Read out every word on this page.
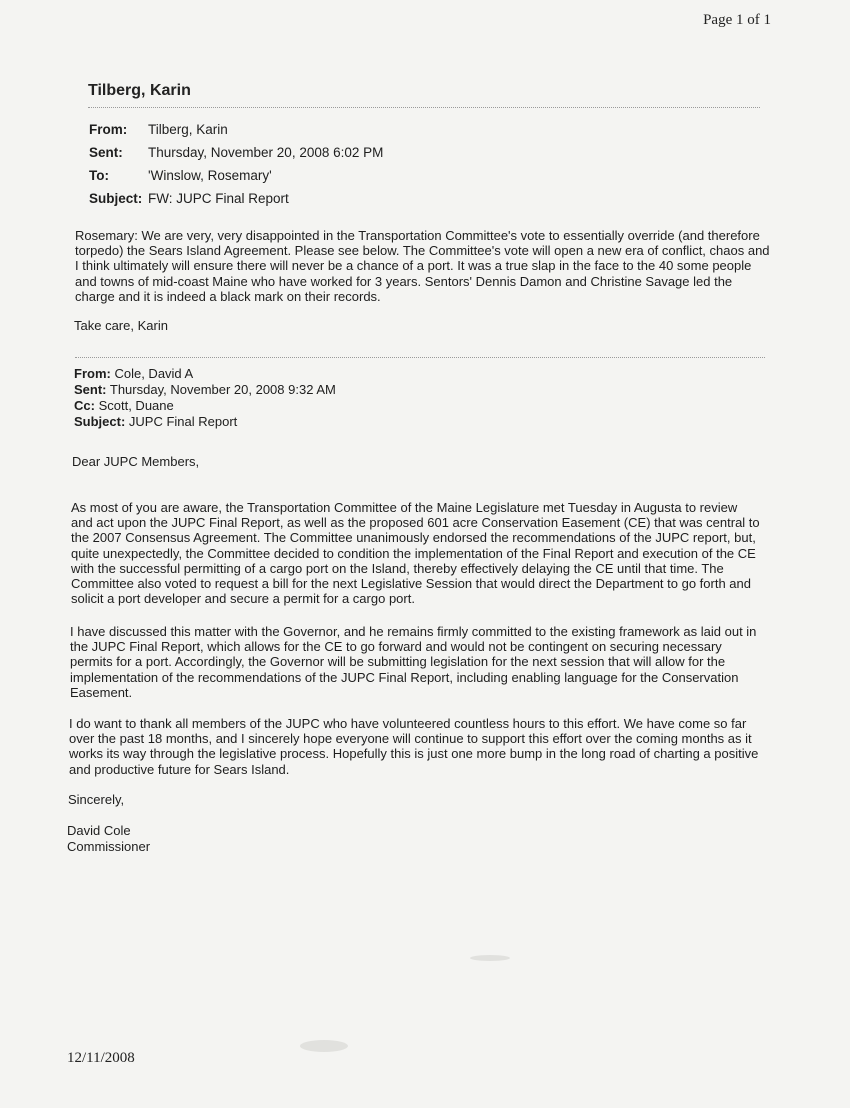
Page 1 of 1
Tilberg, Karin
From:	Tilberg, Karin
Sent:	Thursday, November 20, 2008 6:02 PM
To:	'Winslow, Rosemary'
Subject:	FW: JUPC Final Report

Rosemary: We are very, very disappointed in the Transportation Committee's vote to essentially override (and therefore torpedo) the Sears Island Agreement. Please see below. The Committee's vote will open a new era of conflict, chaos and I think ultimately will ensure there will never be a chance of a port. It was a true slap in the face to the 40 some people and towns of mid-coast Maine who have worked for 3 years. Sentors' Dennis Damon and Christine Savage led the charge and it is indeed a black mark on their records.

Take care, Karin

From: Cole, David A
Sent: Thursday, November 20, 2008 9:32 AM
Cc: Scott, Duane
Subject: JUPC Final Report

Dear JUPC Members,

As most of you are aware, the Transportation Committee of the Maine Legislature met Tuesday in Augusta to review and act upon the JUPC Final Report, as well as the proposed 601 acre Conservation Easement (CE) that was central to the 2007 Consensus Agreement. The Committee unanimously endorsed the recommendations of the JUPC report, but, quite unexpectedly, the Committee decided to condition the implementation of the Final Report and execution of the CE with the successful permitting of a cargo port on the Island, thereby effectively delaying the CE until that time. The Committee also voted to request a bill for the next Legislative Session that would direct the Department to go forth and solicit a port developer and secure a permit for a cargo port.

I have discussed this matter with the Governor, and he remains firmly committed to the existing framework as laid out in the JUPC Final Report, which allows for the CE to go forward and would not be contingent on securing necessary permits for a port. Accordingly, the Governor will be submitting legislation for the next session that will allow for the implementation of the recommendations of the JUPC Final Report, including enabling language for the Conservation Easement.

I do want to thank all members of the JUPC who have volunteered countless hours to this effort. We have come so far over the past 18 months, and I sincerely hope everyone will continue to support this effort over the coming months as it works its way through the legislative process. Hopefully this is just one more bump in the long road of charting a positive and productive future for Sears Island.

Sincerely,

David Cole
Commissioner
12/11/2008
